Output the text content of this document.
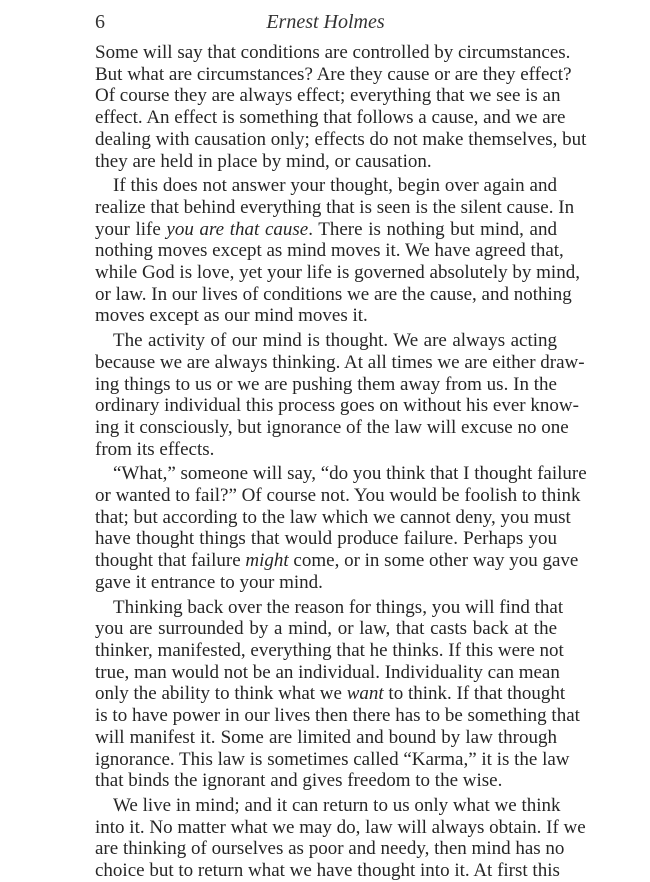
6	Ernest Holmes
Some will say that conditions are controlled by circumstances.
But what are circumstances? Are they cause or are they effect?
Of course they are always effect; everything that we see is an
effect. An effect is something that follows a cause, and we are
dealing with causation only; effects do not make themselves, but
they are held in place by mind, or causation.
If this does not answer your thought, begin over again and
realize that behind everything that is seen is the silent cause. In
your life you are that cause. There is nothing but mind, and
nothing moves except as mind moves it. We have agreed that,
while God is love, yet your life is governed absolutely by mind,
or law. In our lives of conditions we are the cause, and nothing
moves except as our mind moves it.
The activity of our mind is thought. We are always acting
because we are always thinking. At all times we are either draw-
ing things to us or we are pushing them away from us. In the
ordinary individual this process goes on without his ever know-
ing it consciously, but ignorance of the law will excuse no one
from its effects.
“What,” someone will say, “do you think that I thought failure
or wanted to fail?” Of course not. You would be foolish to think
that; but according to the law which we cannot deny, you must
have thought things that would produce failure. Perhaps you
thought that failure might come, or in some other way you gave
gave it entrance to your mind.
Thinking back over the reason for things, you will find that
you are surrounded by a mind, or law, that casts back at the
thinker, manifested, everything that he thinks. If this were not
true, man would not be an individual. Individuality can mean
only the ability to think what we want to think. If that thought
is to have power in our lives then there has to be something that
will manifest it. Some are limited and bound by law through
ignorance. This law is sometimes called “Karma,” it is the law
that binds the ignorant and gives freedom to the wise.
We live in mind; and it can return to us only what we think
into it. No matter what we may do, law will always obtain. If we
are thinking of ourselves as poor and needy, then mind has no
choice but to return what we have thought into it. At first this
